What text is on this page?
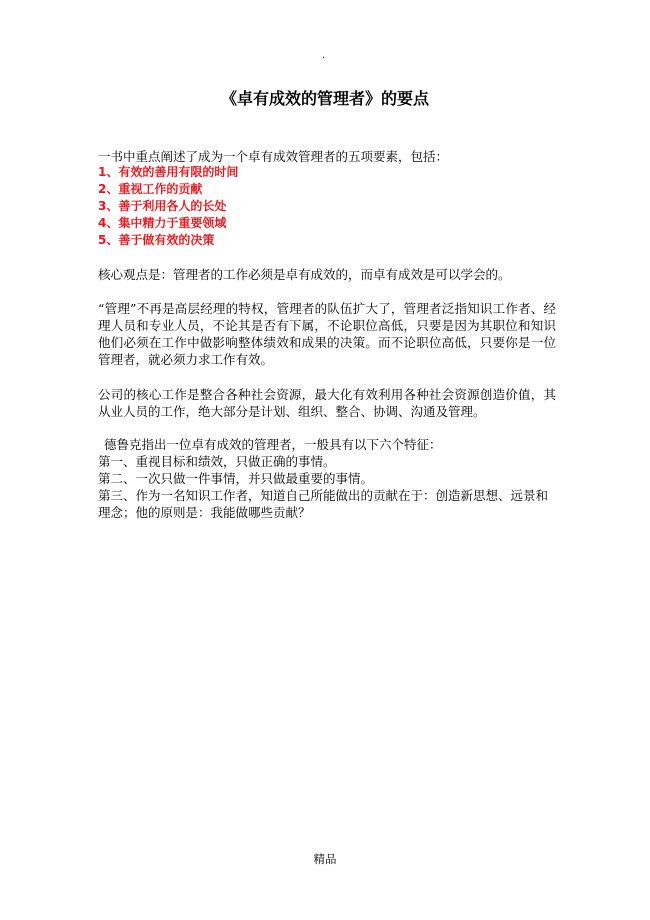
.
《卓有成效的管理者》的要点
一书中重点阐述了成为一个卓有成效管理者的五项要素，包括：
1、有效的善用有限的时间
2、重视工作的贡献
3、善于利用各人的长处
4、集中精力于重要领域
5、善于做有效的决策
核心观点是：管理者的工作必须是卓有成效的，而卓有成效是可以学会的。
“管理”不再是高层经理的特权，管理者的队伍扩大了，管理者泛指知识工作者、经理人员和专业人员，不论其是否有下属，不论职位高低，只要是因为其职位和知识他们必须在工作中做影响整体绩效和成果的决策。而不论职位高低，只要你是一位管理者，就必须力求工作有效。
公司的核心工作是整合各种社会资源，最大化有效利用各种社会资源创造价值，其从业人员的工作，绝大部分是计划、组织、整合、协调、沟通及管理。
德鲁克指出一位卓有成效的管理者，一般具有以下六个特征：
第一、重视目标和绩效，只做正确的事情。
第二、一次只做一件事情，并只做最重要的事情。
第三、作为一名知识工作者，知道自己所能做出的贡献在于：创造新思想、远景和理念；他的原则是：我能做哪些贡献？
精品
